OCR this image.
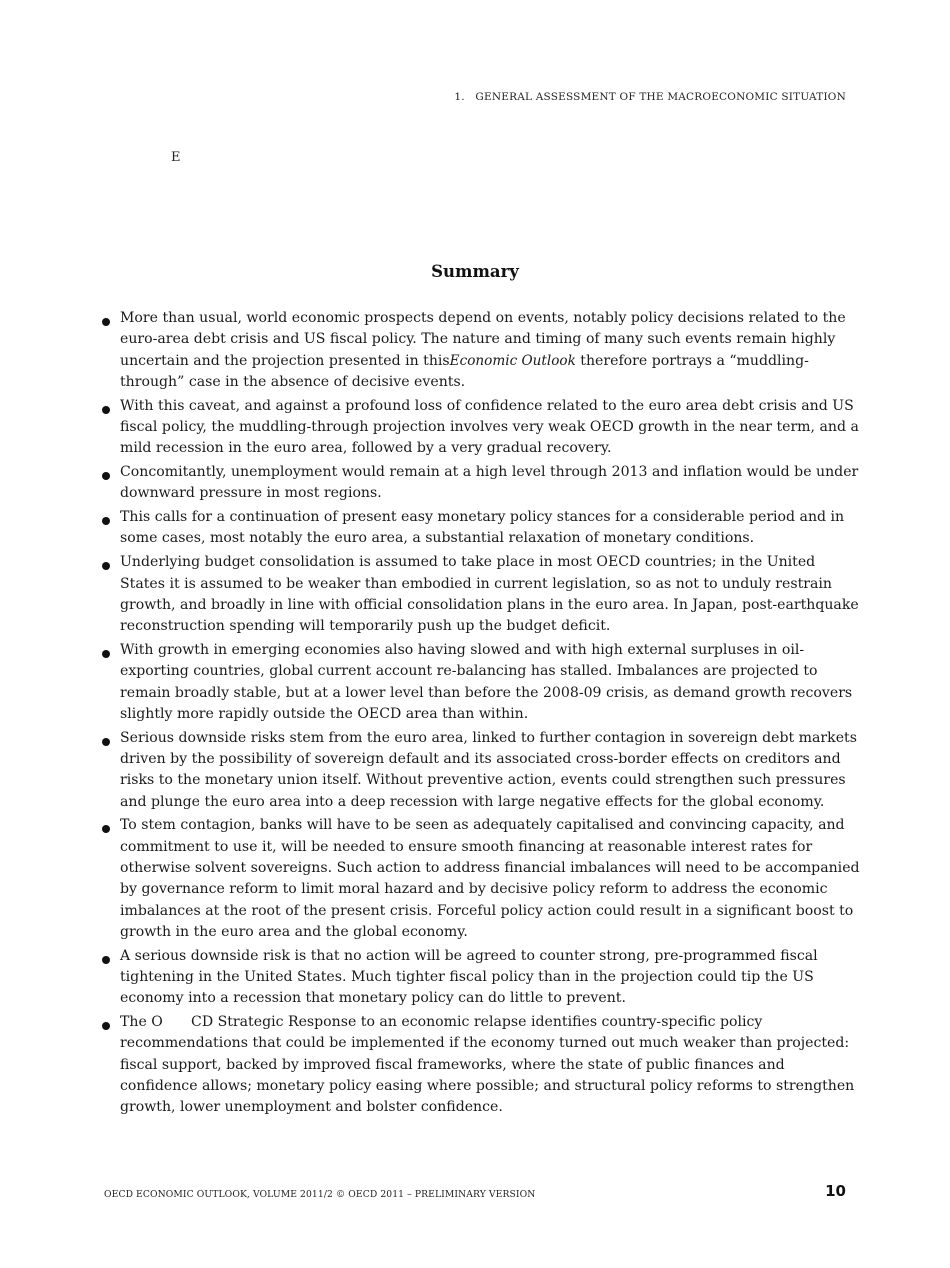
1.   GENERAL ASSESSMENT OF THE MACROECONOMIC SITUATION
E
Summary
More than usual, world economic prospects depend on events, notably policy decisions related to the euro-area debt crisis and US fiscal policy. The nature and timing of many such events remain highly uncertain and the projection presented in thisEconomic Outlook therefore portrays a “muddling-through” case in the absence of decisive events.
With this caveat, and against a profound loss of confidence related to the euro area debt crisis and US fiscal policy, the muddling-through projection involves very weak OECD growth in the near term, and a mild recession in the euro area, followed by a very gradual recovery.
Concomitantly, unemployment would remain at a high level through 2013 and inflation would be under downward pressure in most regions.
This calls for a continuation of present easy monetary policy stances for a considerable period and in some cases, most notably the euro area, a substantial relaxation of monetary conditions.
Underlying budget consolidation is assumed to take place in most OECD countries; in the United States it is assumed to be weaker than embodied in current legislation, so as not to unduly restrain growth, and broadly in line with official consolidation plans in the euro area. In Japan, post-earthquake reconstruction spending will temporarily push up the budget deficit.
With growth in emerging economies also having slowed and with high external surpluses in oil-exporting countries, global current account re-balancing has stalled. Imbalances are projected to remain broadly stable, but at a lower level than before the 2008-09 crisis, as demand growth recovers slightly more rapidly outside the OECD area than within.
Serious downside risks stem from the euro area, linked to further contagion in sovereign debt markets driven by the possibility of sovereign default and its associated cross-border effects on creditors and risks to the monetary union itself. Without preventive action, events could strengthen such pressures and plunge the euro area into a deep recession with large negative effects for the global economy.
To stem contagion, banks will have to be seen as adequately capitalised and convincing capacity, and commitment to use it, will be needed to ensure smooth financing at reasonable interest rates for otherwise solvent sovereigns. Such action to address financial imbalances will need to be accompanied by governance reform to limit moral hazard and by decisive policy reform to address the economic imbalances at the root of the present crisis. Forceful policy action could result in a significant boost to growth in the euro area and the global economy.
A serious downside risk is that no action will be agreed to counter strong, pre-programmed fiscal tightening in the United States. Much tighter fiscal policy than in the projection could tip the US economy into a recession that monetary policy can do little to prevent.
The O  CD Strategic Response to an economic relapse identifies country-specific policy recommendations that could be implemented if the economy turned out much weaker than projected: fiscal support, backed by improved fiscal frameworks, where the state of public finances and confidence allows; monetary policy easing where possible; and structural policy reforms to strengthen growth, lower unemployment and bolster confidence.
OECD ECONOMIC OUTLOOK, VOLUME 2011/2 © OECD 2011 – PRELIMINARY VERSION	10
